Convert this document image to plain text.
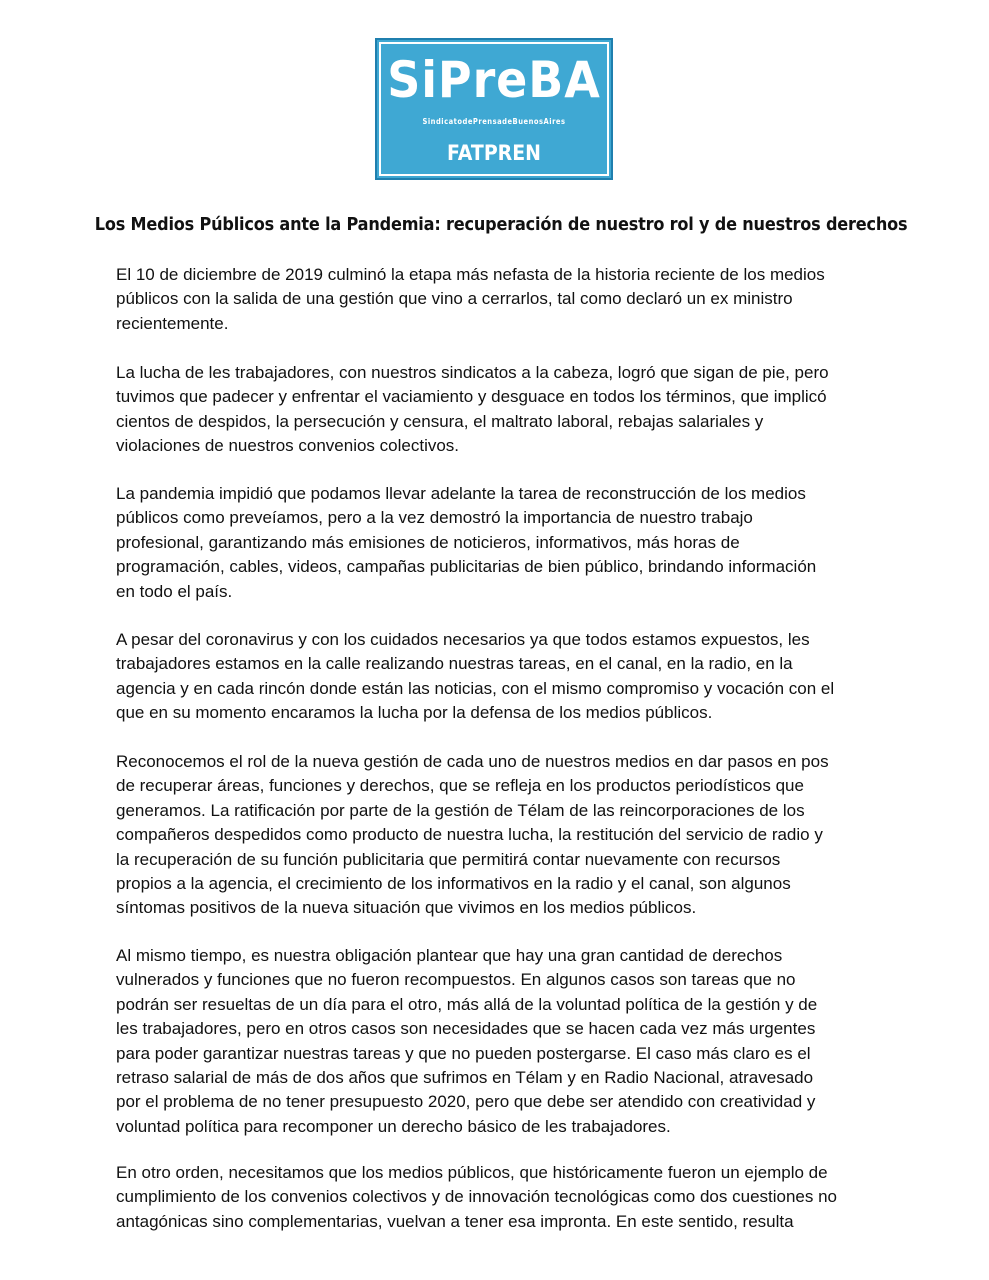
SiPreBA
SindicatodePrensadeBuenosAires
FATPREN
Los Medios Públicos ante la Pandemia: recuperación de nuestro rol y de nuestros derechos

El 10 de diciembre de 2019 culminó la etapa más nefasta de la historia reciente de los medios
públicos con la salida de una gestión que vino a cerrarlos, tal como declaró un ex ministro
recientemente.

La lucha de les trabajadores, con nuestros sindicatos a la cabeza, logró que sigan de pie, pero
tuvimos que padecer y enfrentar el vaciamiento y desguace en todos los términos, que implicó
cientos de despidos, la persecución y censura, el maltrato laboral, rebajas salariales y
violaciones de nuestros convenios colectivos.

La pandemia impidió que podamos llevar adelante la tarea de reconstrucción de los medios
públicos como preveíamos, pero a la vez demostró la importancia de nuestro trabajo
profesional, garantizando más emisiones de noticieros, informativos, más horas de
programación, cables, videos, campañas publicitarias de bien público, brindando información
en todo el país.

A pesar del coronavirus y con los cuidados necesarios ya que todos estamos expuestos, les
trabajadores estamos en la calle realizando nuestras tareas, en el canal, en la radio, en la
agencia y en cada rincón donde están las noticias, con el mismo compromiso y vocación con el
que en su momento encaramos la lucha por la defensa de los medios públicos.

Reconocemos el rol de la nueva gestión de cada uno de nuestros medios en dar pasos en pos
de recuperar áreas, funciones y derechos, que se refleja en los productos periodísticos que
generamos. La ratificación por parte de la gestión de Télam de las reincorporaciones de los
compañeros despedidos como producto de nuestra lucha, la restitución del servicio de radio y
la recuperación de su función publicitaria que permitirá contar nuevamente con recursos
propios a la agencia, el crecimiento de los informativos en la radio y el canal, son algunos
síntomas positivos de la nueva situación que vivimos en los medios públicos.

Al mismo tiempo, es nuestra obligación plantear que hay una gran cantidad de derechos
vulnerados y funciones que no fueron recompuestos. En algunos casos son tareas que no
podrán ser resueltas de un día para el otro, más allá de la voluntad política de la gestión y de
les trabajadores, pero en otros casos son necesidades que se hacen cada vez más urgentes
para poder garantizar nuestras tareas y que no pueden postergarse. El caso más claro es el
retraso salarial de más de dos años que sufrimos en Télam y en Radio Nacional, atravesado
por el problema de no tener presupuesto 2020, pero que debe ser atendido con creatividad y
voluntad política para recomponer un derecho básico de les trabajadores.

En otro orden, necesitamos que los medios públicos, que históricamente fueron un ejemplo de
cumplimiento de los convenios colectivos y de innovación tecnológicas como dos cuestiones no
antagónicas sino complementarias, vuelvan a tener esa impronta. En este sentido, resulta
